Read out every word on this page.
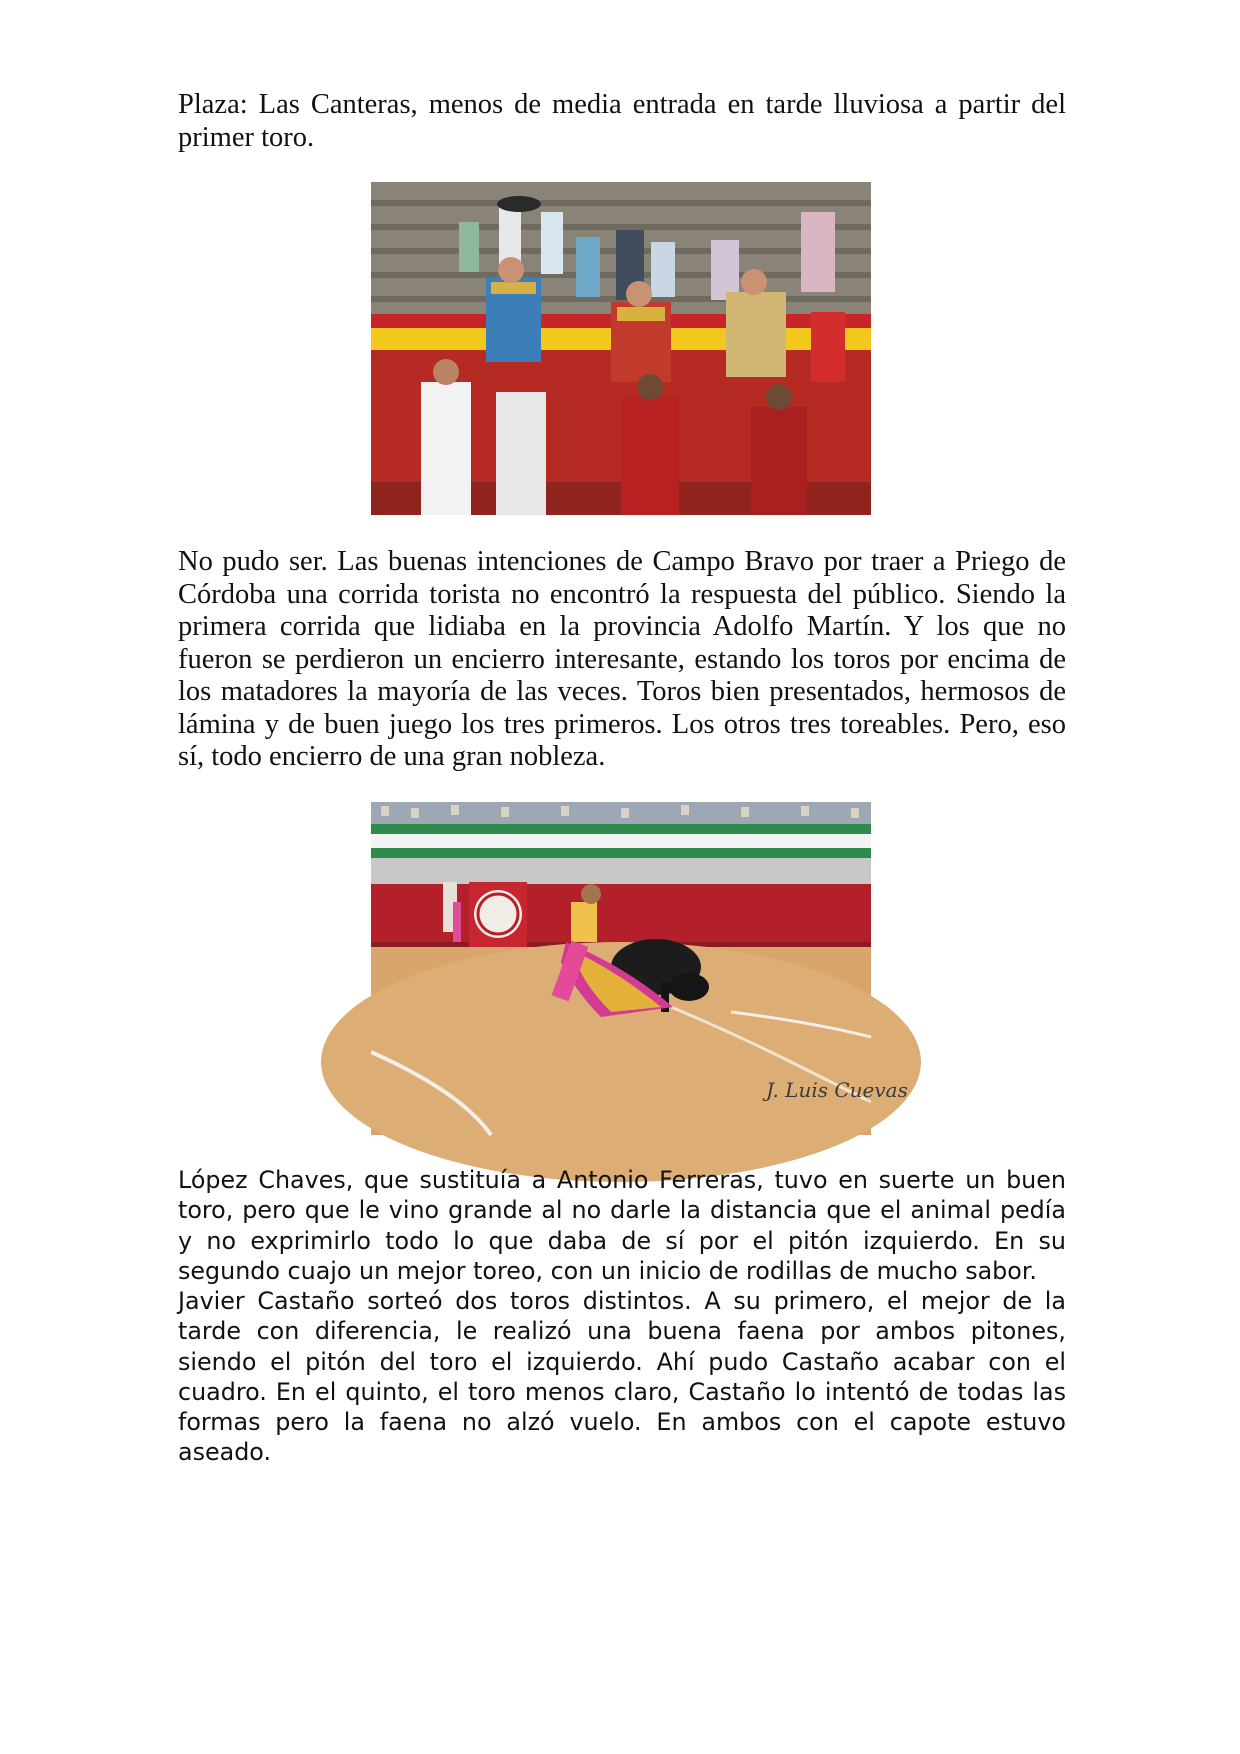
Plaza: Las Canteras, menos de media entrada en tarde lluviosa a partir del primer toro.

No pudo ser. Las buenas intenciones de Campo Bravo por traer a Priego de Córdoba una corrida torista no encontró la respuesta del público. Siendo la primera corrida que lidiaba en la provincia Adolfo Martín. Y los que no fueron se perdieron un encierro interesante, estando los toros por encima de los matadores la mayoría de las veces. Toros bien presentados, hermosos de lámina y de buen juego los tres primeros. Los otros tres toreables. Pero, eso sí, todo encierro de una gran nobleza.

J. Luis Cuevas

López Chaves, que sustituía a Antonio Ferreras, tuvo en suerte un buen toro, pero que le vino grande al no darle la distancia que el animal pedía y no exprimirlo todo lo que daba de sí por el pitón izquierdo. En su segundo cuajo un mejor toreo, con un inicio de rodillas de mucho sabor.

Javier Castaño sorteó dos toros distintos. A su primero, el mejor de la tarde con diferencia, le realizó una buena faena por ambos pitones, siendo el pitón del toro el izquierdo. Ahí pudo Castaño acabar con el cuadro. En el quinto, el toro menos claro, Castaño lo intentó de todas las formas pero la faena no alzó vuelo. En ambos con el capote estuvo aseado.
